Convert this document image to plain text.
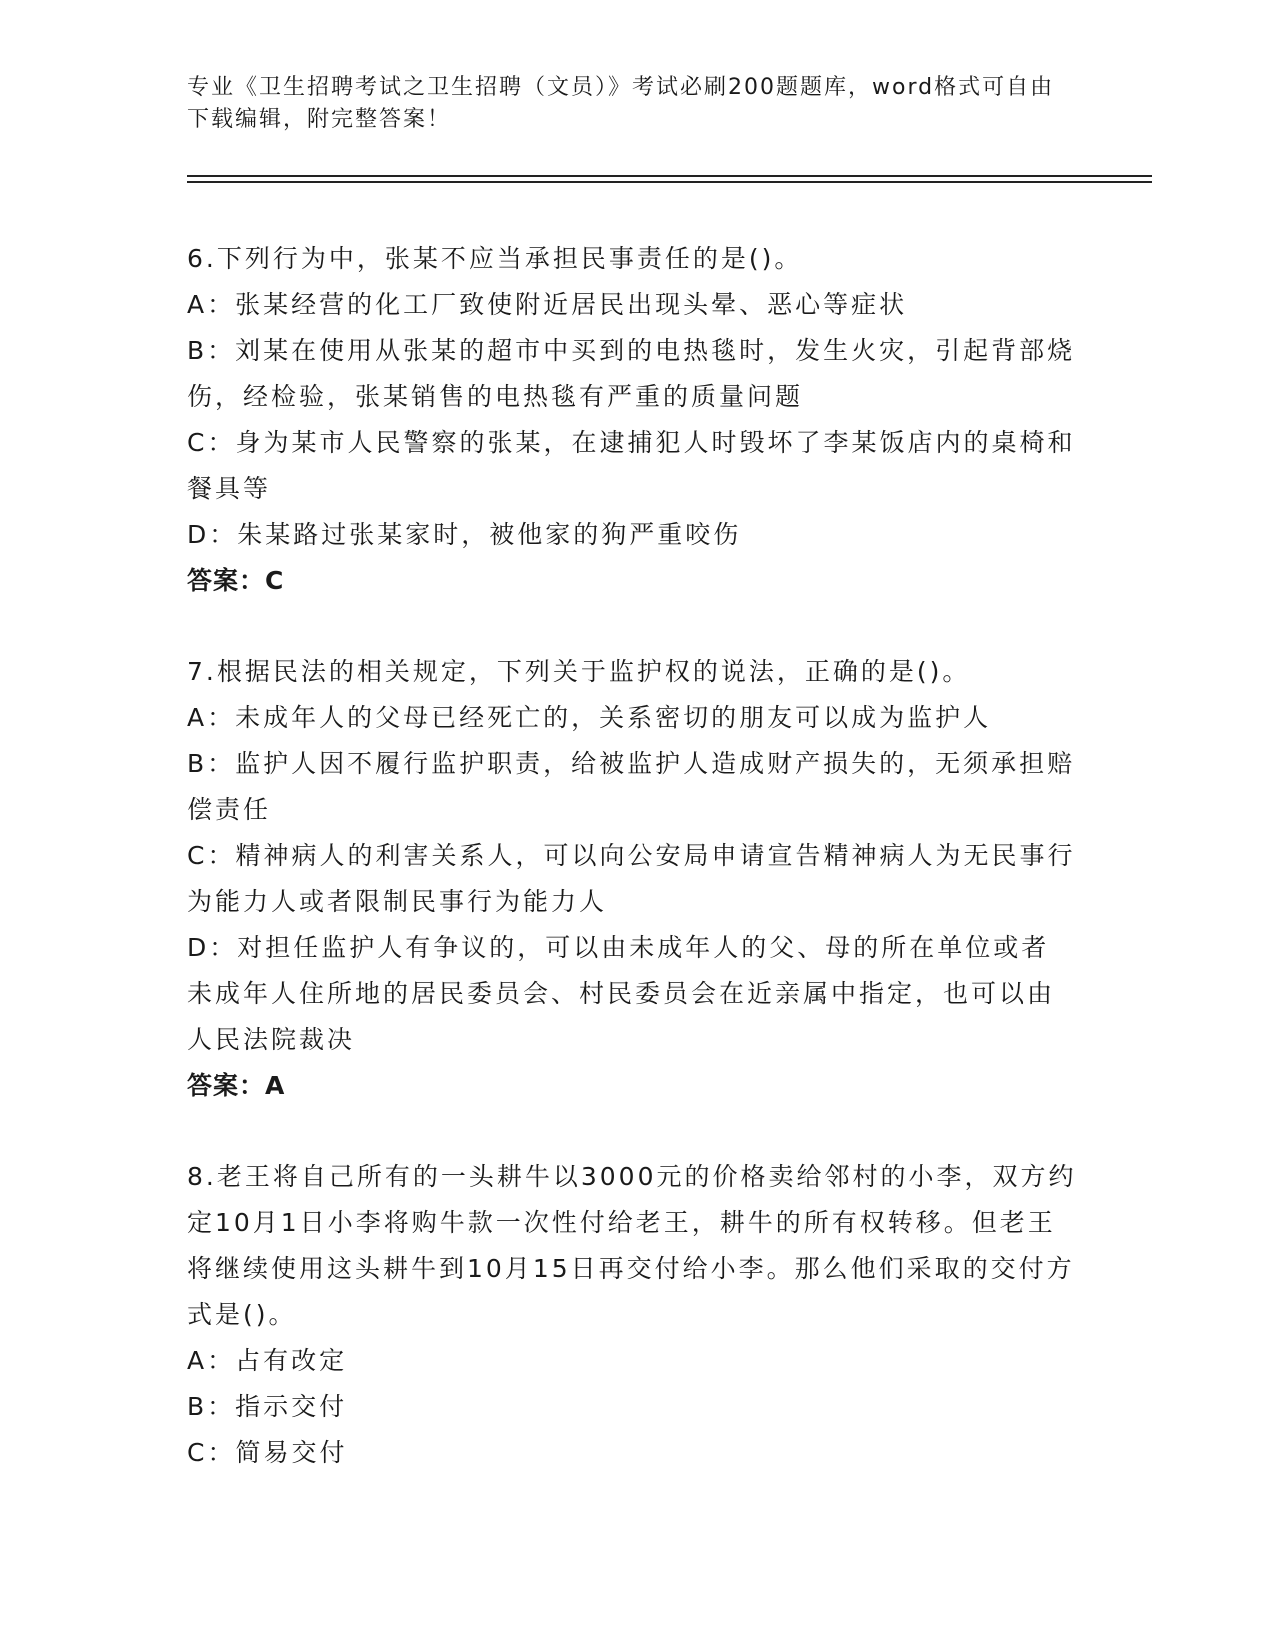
专业《卫生招聘考试之卫生招聘（文员）》考试必刷200题题库，word格式可自由下载编辑，附完整答案！

6.下列行为中，张某不应当承担民事责任的是()。

A：张某经营的化工厂致使附近居民出现头晕、恶心等症状

B：刘某在使用从张某的超市中买到的电热毯时，发生火灾，引起背部烧伤，经检验，张某销售的电热毯有严重的质量问题

C：身为某市人民警察的张某，在逮捕犯人时毁坏了李某饭店内的桌椅和餐具等

D：朱某路过张某家时，被他家的狗严重咬伤

答案：C

7.根据民法的相关规定，下列关于监护权的说法，正确的是()。

A：未成年人的父母已经死亡的，关系密切的朋友可以成为监护人

B：监护人因不履行监护职责，给被监护人造成财产损失的，无须承担赔偿责任

C：精神病人的利害关系人，可以向公安局申请宣告精神病人为无民事行为能力人或者限制民事行为能力人

D：对担任监护人有争议的，可以由未成年人的父、母的所在单位或者未成年人住所地的居民委员会、村民委员会在近亲属中指定，也可以由人民法院裁决

答案：A

8.老王将自己所有的一头耕牛以3000元的价格卖给邻村的小李，双方约定10月1日小李将购牛款一次性付给老王，耕牛的所有权转移。但老王将继续使用这头耕牛到10月15日再交付给小李。那么他们采取的交付方式是()。

A：占有改定

B：指示交付

C：简易交付
